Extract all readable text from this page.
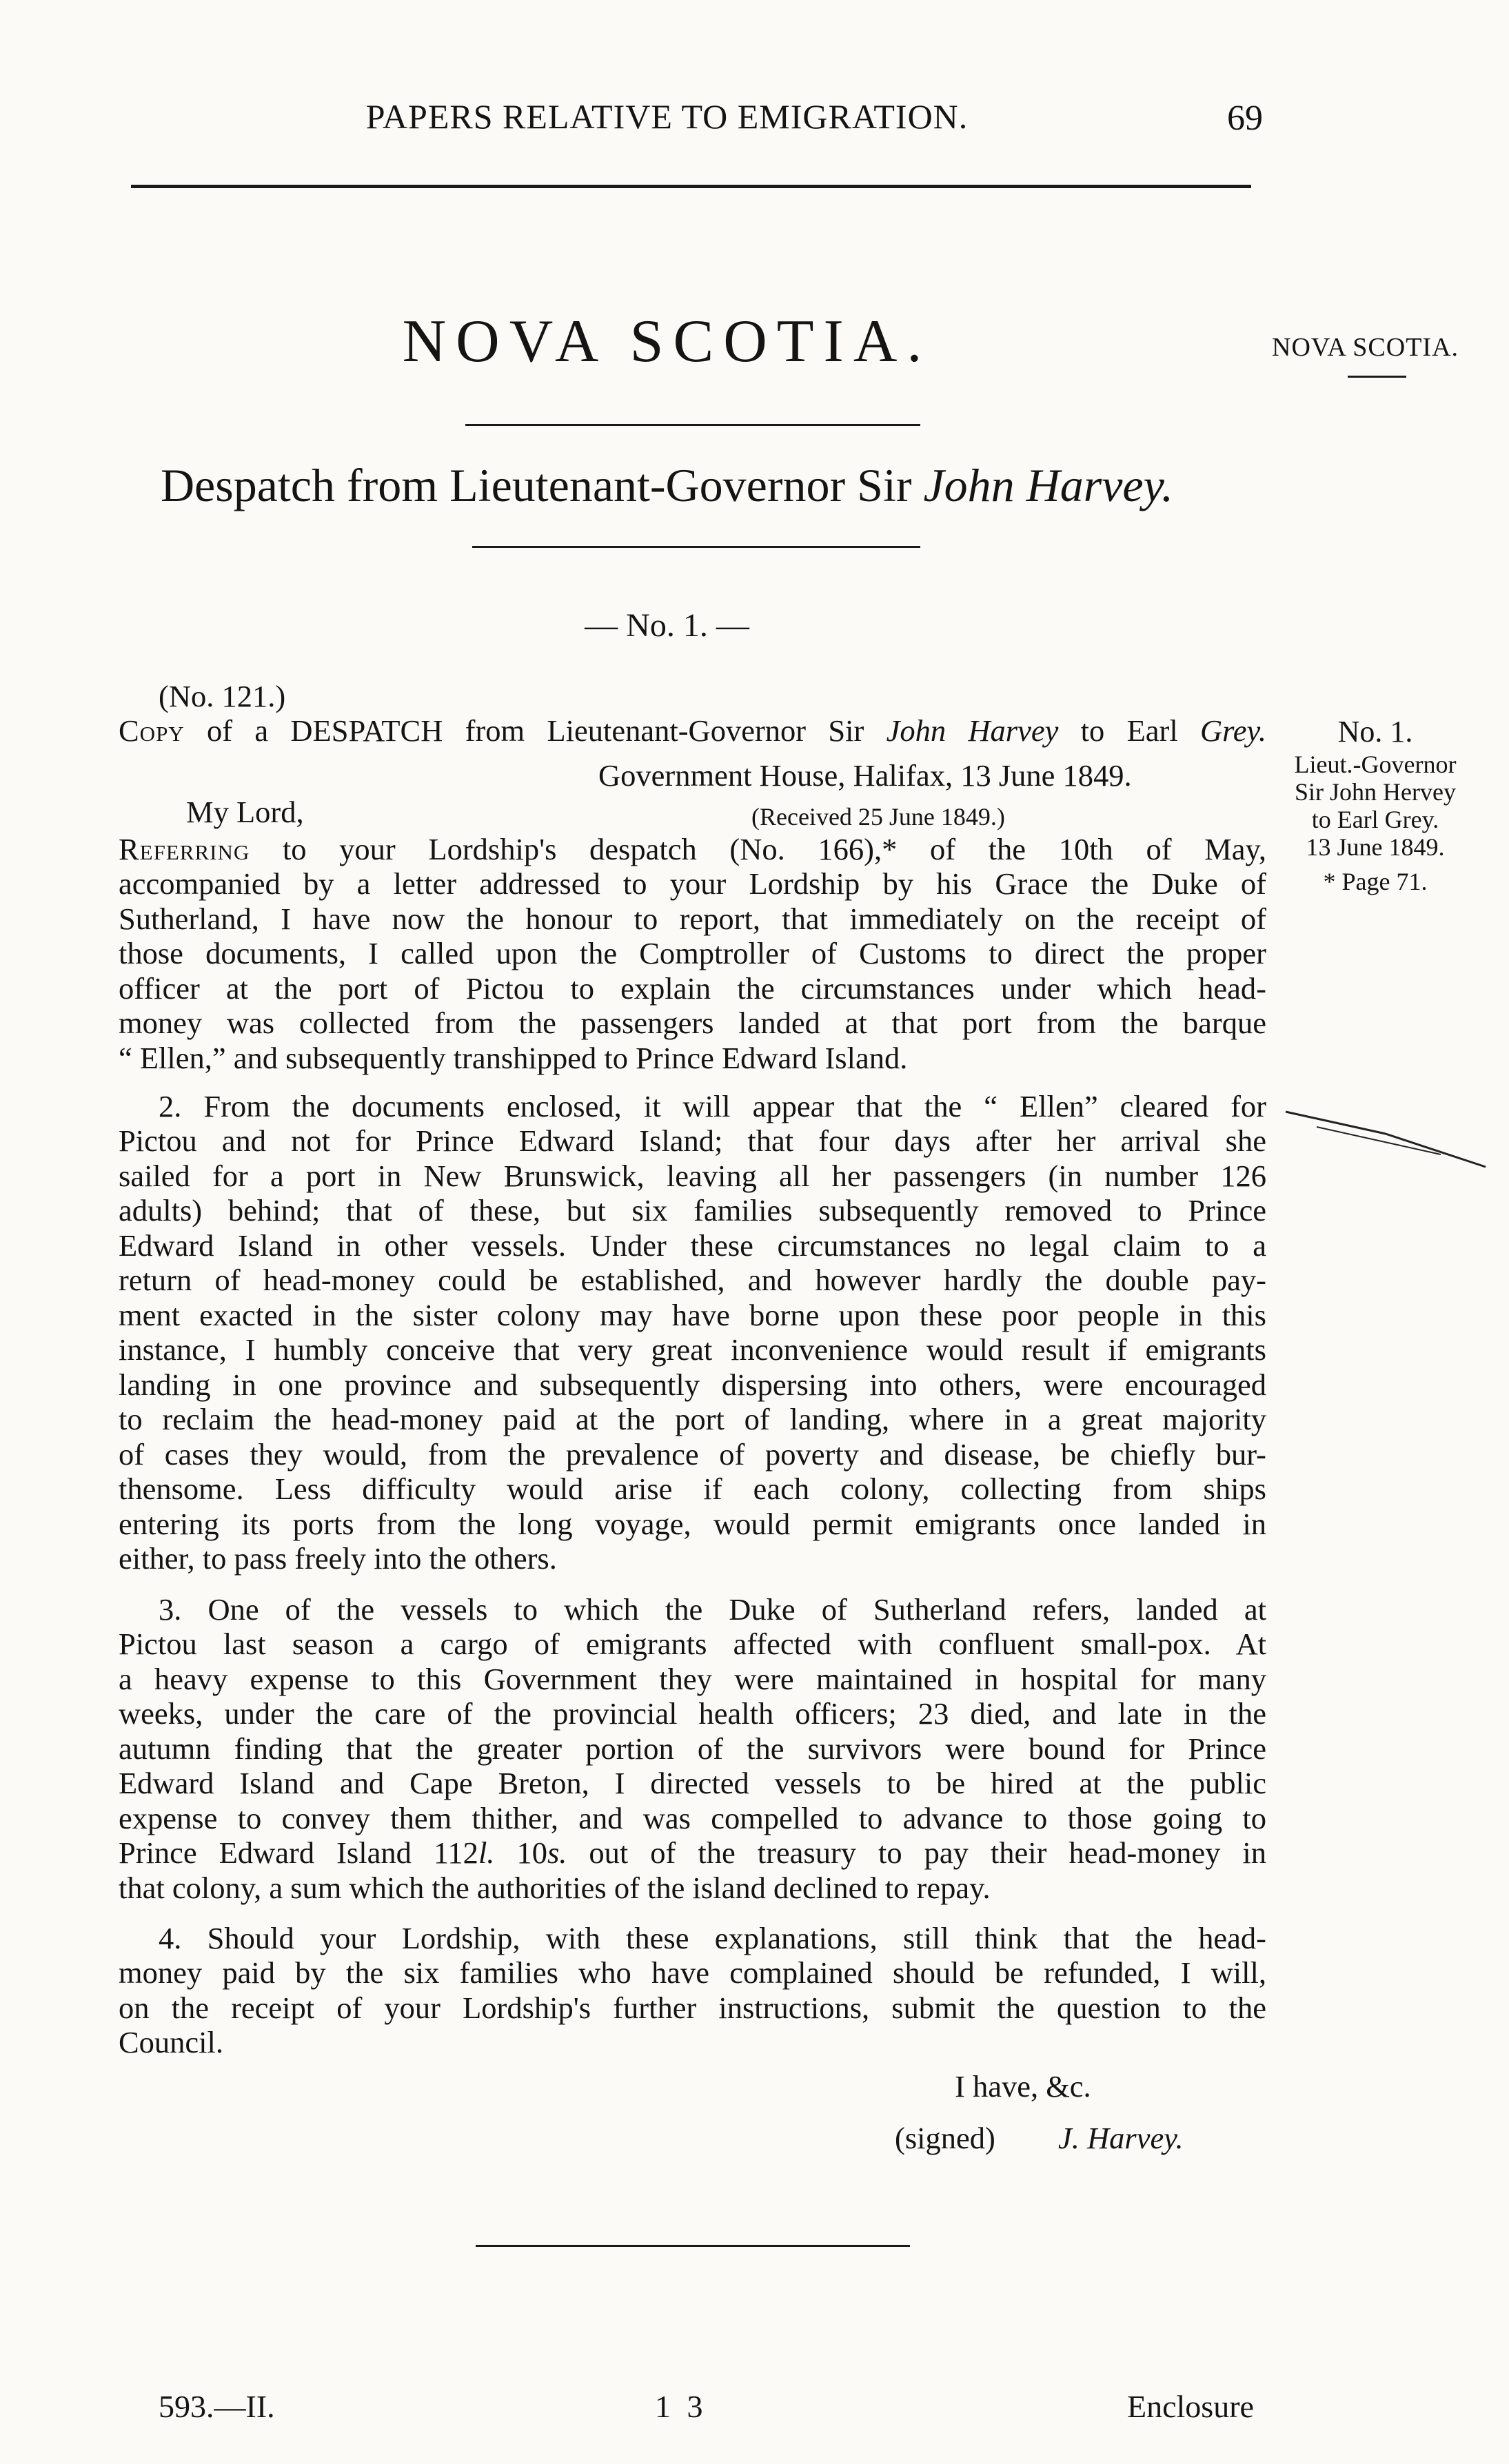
PAPERS RELATIVE TO EMIGRATION.	69
NOVA SCOTIA.	NOVA SCOTIA.
Despatch from Lieutenant-Governor Sir John Harvey.
— No. 1. —
No. 1.
Lieut.-Governor
Sir John Hervey
to Earl Grey.
13 June 1849.
* Page 71.
(No. 121.)
Copy of a DESPATCH from Lieutenant-Governor Sir John Harvey to Earl Grey.
Government House, Halifax, 13 June 1849.
My Lord,	(Received 25 June 1849.)
Referring to your Lordship's despatch (No. 166),* of the 10th of May,
accompanied by a letter addressed to your Lordship by his Grace the Duke of
Sutherland, I have now the honour to report, that immediately on the receipt of
those documents, I called upon the Comptroller of Customs to direct the proper
officer at the port of Pictou to explain the circumstances under which head-
money was collected from the passengers landed at that port from the barque
“ Ellen,” and subsequently transhipped to Prince Edward Island.
2. From the documents enclosed, it will appear that the “ Ellen” cleared for
Pictou and not for Prince Edward Island; that four days after her arrival she
sailed for a port in New Brunswick, leaving all her passengers (in number 126
adults) behind; that of these, but six families subsequently removed to Prince
Edward Island in other vessels. Under these circumstances no legal claim to a
return of head-money could be established, and however hardly the double pay-
ment exacted in the sister colony may have borne upon these poor people in this
instance, I humbly conceive that very great inconvenience would result if emigrants
landing in one province and subsequently dispersing into others, were encouraged
to reclaim the head-money paid at the port of landing, where in a great majority
of cases they would, from the prevalence of poverty and disease, be chiefly bur-
thensome. Less difficulty would arise if each colony, collecting from ships
entering its ports from the long voyage, would permit emigrants once landed in
either, to pass freely into the others.
3. One of the vessels to which the Duke of Sutherland refers, landed at
Pictou last season a cargo of emigrants affected with confluent small-pox. At
a heavy expense to this Government they were maintained in hospital for many
weeks, under the care of the provincial health officers; 23 died, and late in the
autumn finding that the greater portion of the survivors were bound for Prince
Edward Island and Cape Breton, I directed vessels to be hired at the public
expense to convey them thither, and was compelled to advance to those going to
Prince Edward Island 112l. 10s. out of the treasury to pay their head-money in
that colony, a sum which the authorities of the island declined to repay.
4. Should your Lordship, with these explanations, still think that the head-
money paid by the six families who have complained should be refunded, I will,
on the receipt of your Lordship's further instructions, submit the question to the
Council.
I have, &c.
(signed) J. Harvey.
593.—II.	1 3	Enclosure
